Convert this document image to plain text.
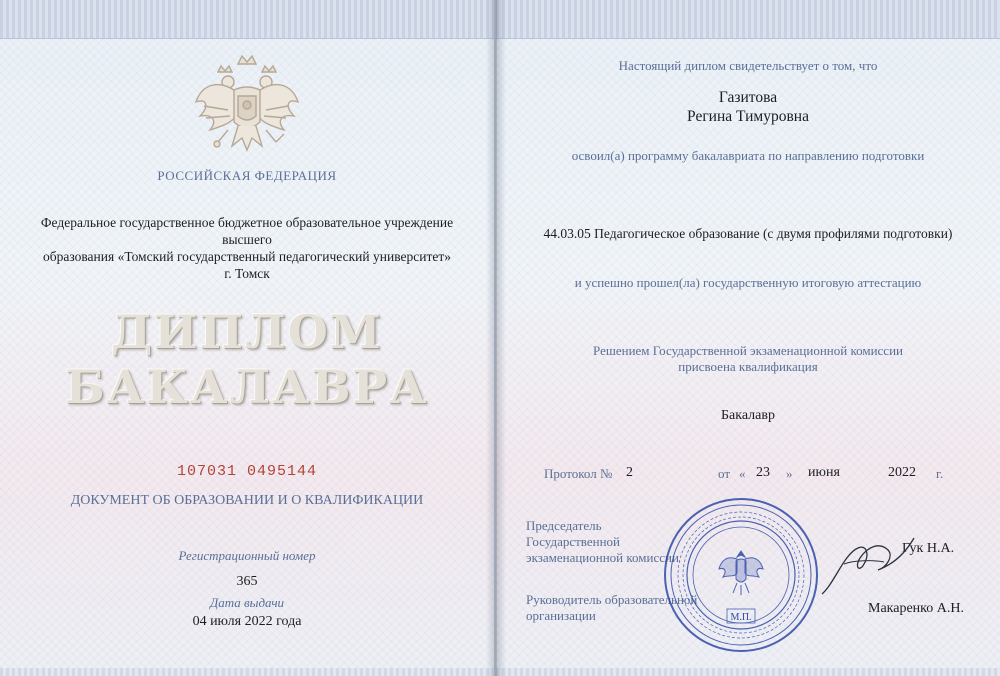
РОССИЙСКАЯ ФЕДЕРАЦИЯ
Федеральное государственное бюджетное образовательное учреждение высшего
образования «Томский государственный педагогический университет»
г. Томск
ДИПЛОМ
БАКАЛАВРА
107031 0495144
ДОКУМЕНТ ОБ ОБРАЗОВАНИИ И О КВАЛИФИКАЦИИ
Регистрационный номер
365
Дата выдачи
04 июля 2022 года
Настоящий диплом свидетельствует о том, что
Газитова
Регина Тимуровна
освоил(а) программу бакалавриата по направлению подготовки
44.03.05 Педагогическое образование (с двумя профилями подготовки)
и успешно прошел(ла) государственную итоговую аттестацию
Решением Государственной экзаменационной комиссии
присвоена квалификация
Бакалавр
Протокол № 2	от « 23 » июня	2022 г.
Председатель
Государственной
экзаменационной комиссии
Гук Н.А.
Руководитель образовательной
организации	Макаренко А.Н.
М.П.
